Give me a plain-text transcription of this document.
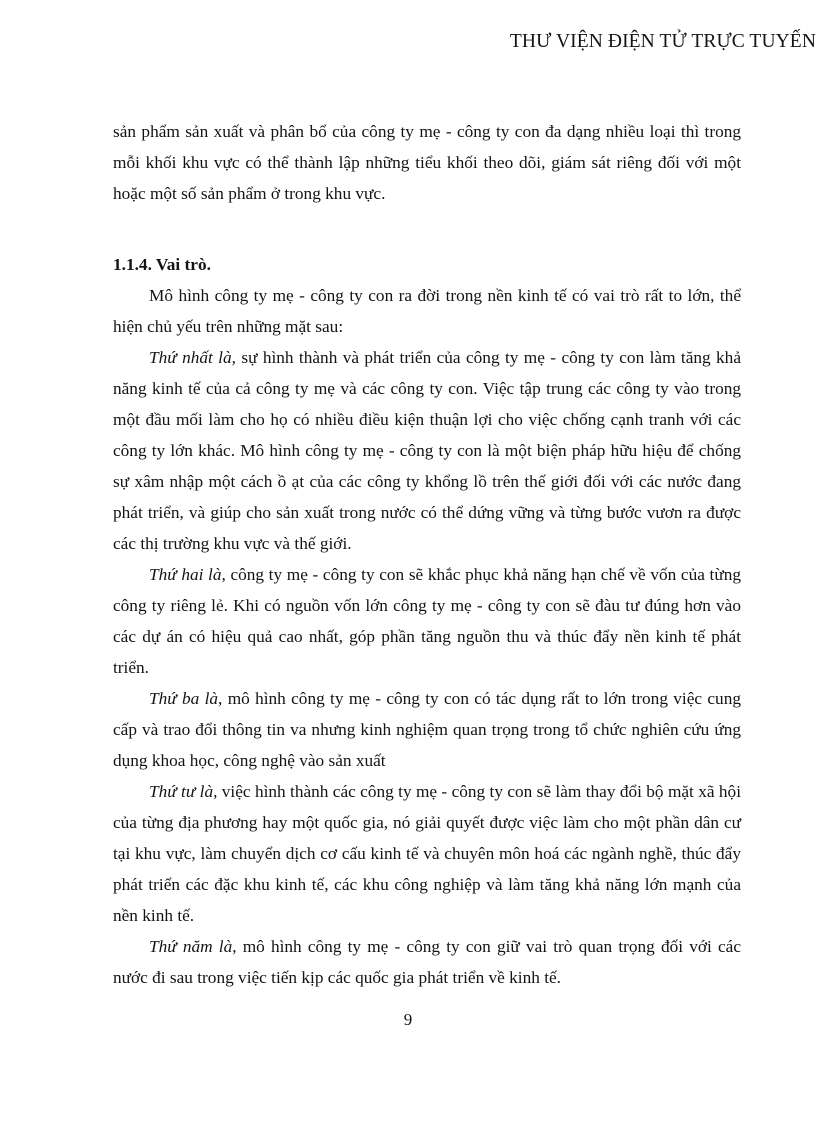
THƯ VIỆN ĐIỆN TỬ TRỰC TUYẾN

sản phẩm sản xuất và phân bổ của công ty mẹ - công ty con đa dạng nhiều loại thì trong mỗi khối khu vực có thể thành lập những tiểu khối theo dõi, giám sát riêng đối với một hoặc một số sản phẩm ở trong khu vực.

1.1.4. Vai trò.

Mô hình công ty mẹ - công ty con ra đời trong nền kinh tế có vai trò rất to lớn, thể hiện chủ yếu trên những mặt sau:

Thứ nhất là, sự hình thành và phát triển của công ty mẹ - công ty con làm tăng khả năng kinh tế của cả công ty mẹ và các công ty con. Việc tập trung các công ty vào trong một đầu mối làm cho họ có nhiều điều kiện thuận lợi cho việc chống cạnh tranh với các công ty lớn khác. Mô hình công ty mẹ - công ty con là một biện pháp hữu hiệu để chống sự xâm nhập một cách ồ ạt của các công ty khổng lồ trên thế giới đối với các nước đang phát triển, và giúp cho sản xuất trong nước có thể dứng vững và từng bước vươn ra được các thị trường khu vực và thế giới.

Thứ hai là, công ty mẹ - công ty con sẽ khắc phục khả năng hạn chế về vốn của từng công ty riêng lẻ. Khi có nguồn vốn lớn công ty mẹ - công ty con sẽ đàu tư đúng hơn vào các dự án có hiệu quả cao nhất, góp phần tăng nguồn thu và thúc đẩy nền kinh tế phát triển.

Thứ ba là, mô hình công ty mẹ - công ty con có tác dụng rất to lớn trong việc cung cấp và trao đổi thông tin va nhưng kinh nghiệm quan trọng trong tổ chức nghiên cứu ứng dụng khoa học, công nghệ vào sản xuất

Thứ tư là, việc hình thành các công ty mẹ - công ty con sẽ làm thay đổi bộ mặt xã hội của từng địa phương hay một quốc gia, nó giải quyết được việc làm cho một phần dân cư tại khu vực, làm chuyển dịch cơ cấu kinh tế và chuyên môn hoá các ngành nghề, thúc đẩy phát triển các đặc khu kinh tế, các khu công nghiệp và làm tăng khả năng lớn mạnh của nền kinh tế.

Thứ năm là, mô hình công ty mẹ - công ty con giữ vai trò quan trọng đối với các nước đi sau trong việc tiến kịp các quốc gia phát triển về kinh tế.

9
